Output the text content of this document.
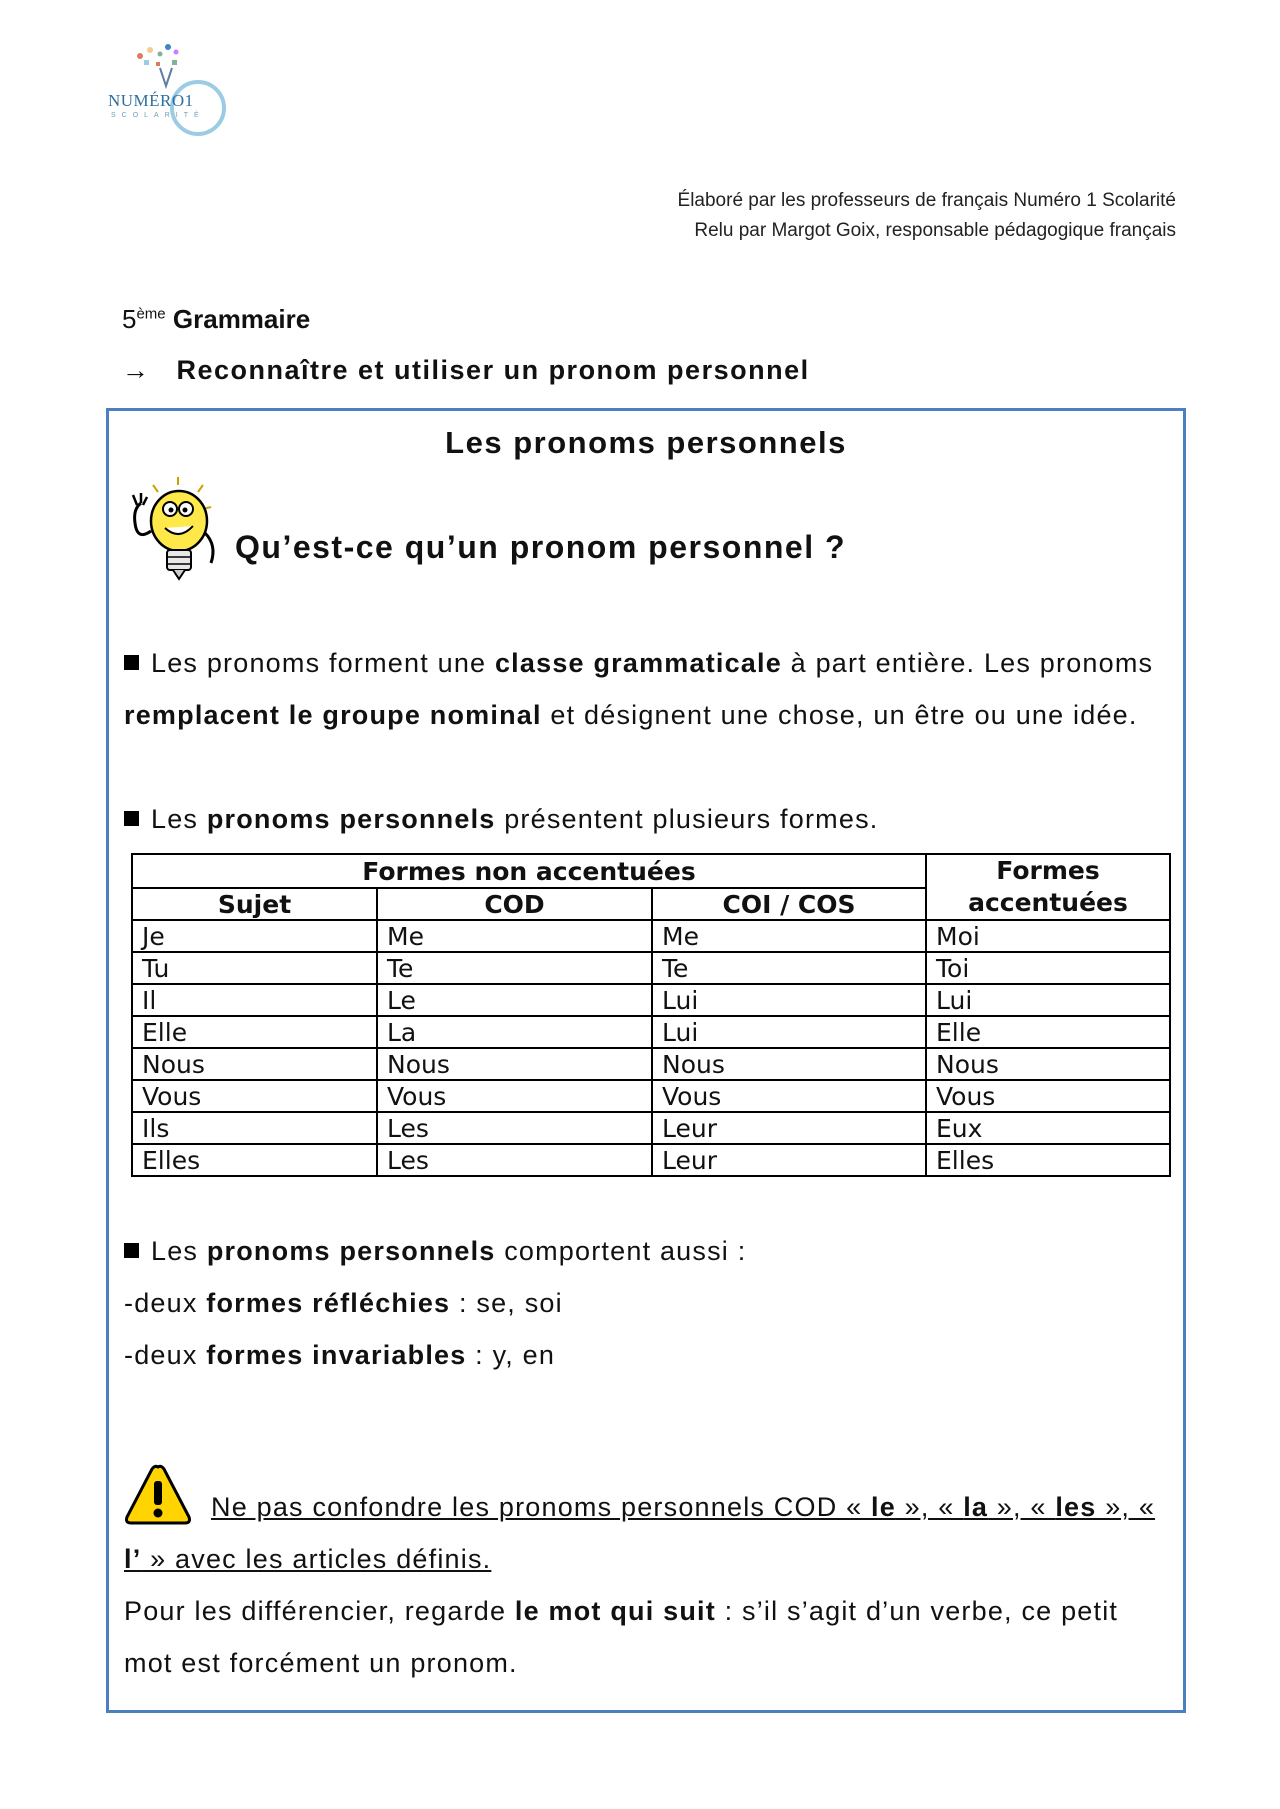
NUMÉRO1
SCOLARITÉ
Élaboré par les professeurs de français Numéro 1 Scolarité
Relu par Margot Goix, responsable pédagogique français
5ème Grammaire
→ Reconnaître et utiliser un pronom personnel
Les pronoms personnels
Qu’est-ce qu’un pronom personnel ?
Les pronoms forment une classe grammaticale à part entière. Les pronoms remplacent le groupe nominal et désignent une chose, un être ou une idée.
Les pronoms personnels présentent plusieurs formes.
Formes non accentuées			Formes accentuées
Sujet	COD	COI / COS	
Je	Me	Me	Moi
Tu	Te	Te	Toi
Il	Le	Lui	Lui
Elle	La	Lui	Elle
Nous	Nous	Nous	Nous
Vous	Vous	Vous	Vous
Ils	Les	Leur	Eux
Elles	Les	Leur	Elles
Les pronoms personnels comportent aussi :
-deux formes réfléchies : se, soi
-deux formes invariables : y, en
Ne pas confondre les pronoms personnels COD « le », « la », « les », « l’ » avec les articles définis.
Pour les différencier, regarde le mot qui suit : s’il s’agit d’un verbe, ce petit mot est forcément un pronom.
